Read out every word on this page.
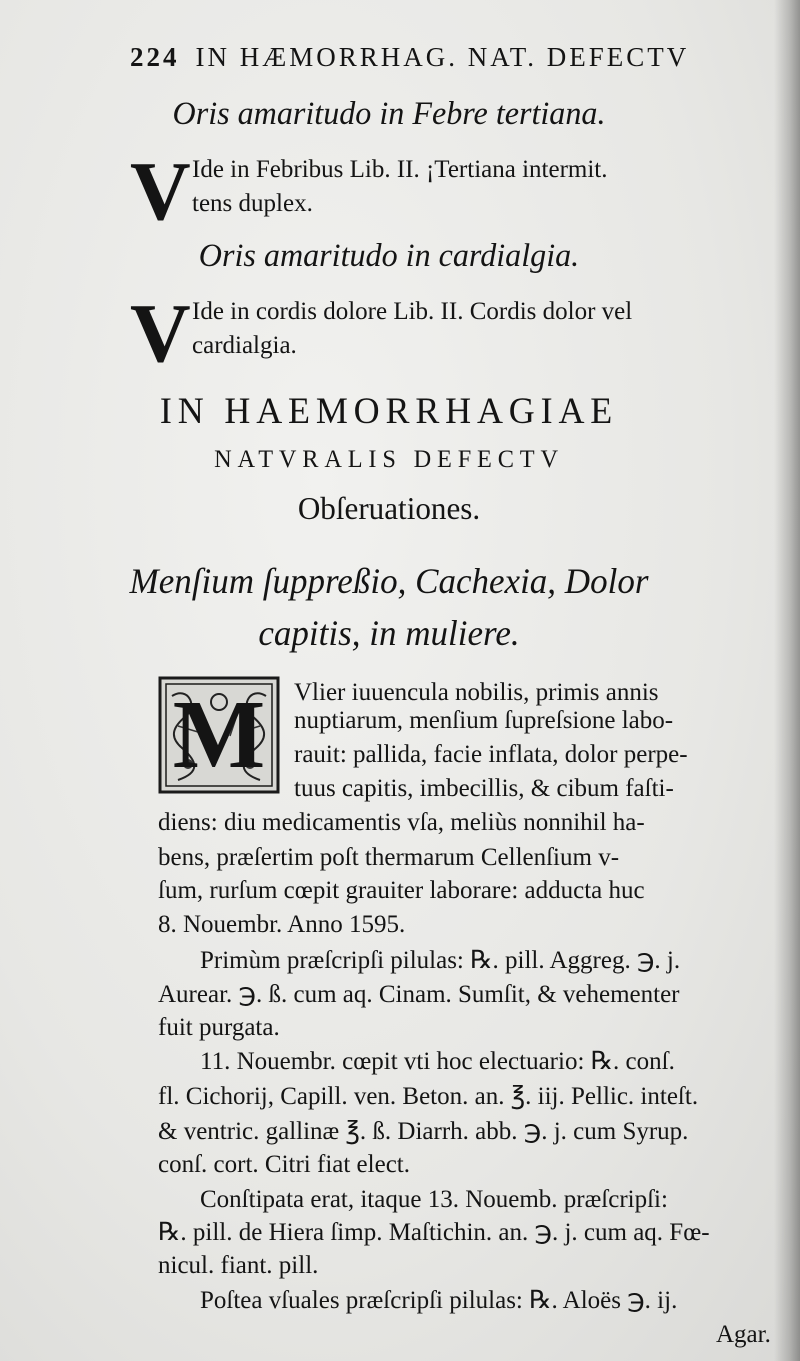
224 IN HÆMORRHAG. NAT. DEFECTV
Oris amaritudo in Febre tertiana.
V Ide in Febribus Lib. II. ¡Tertiana intermit.
tens duplex.
Oris amaritudo in cardialgia.
V Ide in cordis dolore Lib. II. Cordis dolor vel
cardialgia.
IN HAEMORRHAGIAE
NATVRALIS DEFECTV
Obſeruationes.
Menſium ſuppreßio, Cachexia, Dolor
capitis, in muliere.
M	Vlier iuuencula nobilis, primis annis
nuptiarum, menſium ſupreſsione labo-
rauit: pallida, facie inflata, dolor perpe-
tuus capitis, imbecillis, & cibum faſti-
diens: diu medicamentis vſa, meliùs nonnihil ha-
bens, præſertim poſt thermarum Cellenſium v-
ſum, rurſum cœpit grauiter laborare: adducta huc
8. Nouembr. Anno 1595.
Primùm præſcripſi pilulas: ℞. pill. Aggreg. ℈. j.
Aurear. ℈. ß. cum aq. Cinam. Sumſit, & vehementer
fuit purgata.
11. Nouembr. cœpit vti hoc electuario: ℞. conſ.
fl. Cichorij, Capill. ven. Beton. an. ℥. iij. Pellic. inteſt.
& ventric. gallinæ ℥. ß. Diarrh. abb. ℈. j. cum Syrup.
conſ. cort. Citri fiat elect.
Conſtipata erat, itaque 13. Nouemb. præſcripſi:
℞. pill. de Hiera ſimp. Maſtichin. an. ℈. j. cum aq. Fœ-
nicul. fiant. pill.
Poſtea vſuales præſcripſi pilulas: ℞. Aloës ℈. ij.
Agar.
